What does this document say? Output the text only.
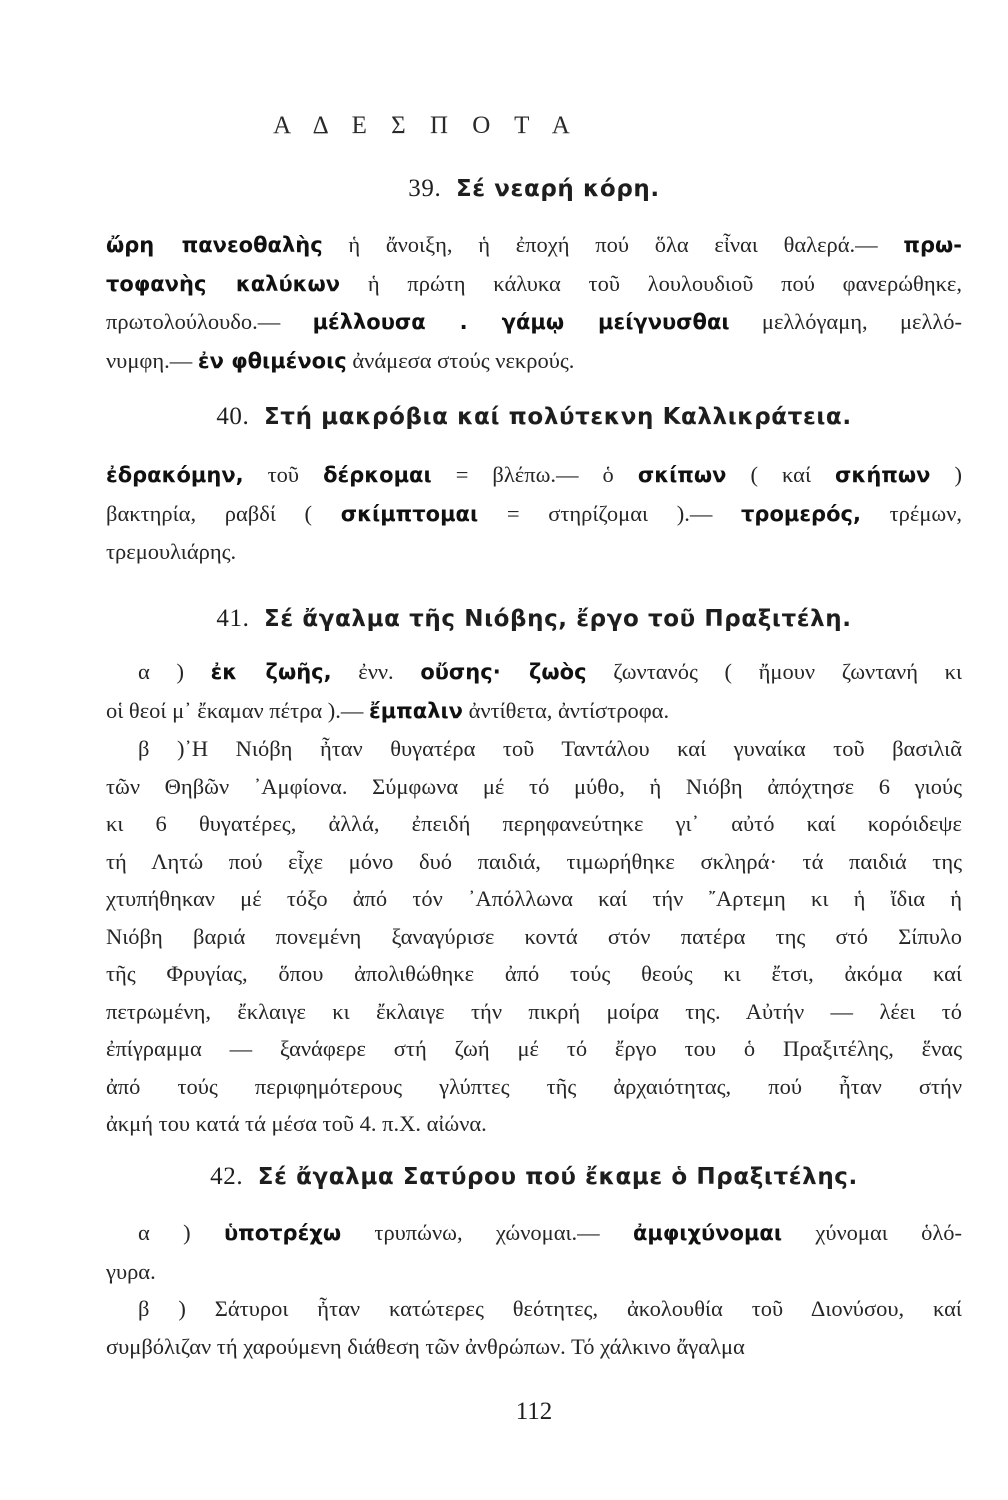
Α Δ Ε Σ Π Ο Τ Α
39. Σέ νεαρή κόρη.
ὤρη πανεοθαλὴς ἡ ἄνοιξη, ἡ ἐποχή πού ὅλα εἶναι θαλερά.— πρω-
τοφανὴς καλύκων ἡ πρώτη κάλυκα τοῦ λουλουδιοῦ πού φανερώθηκε,
πρωτολούλουδο.— μέλλουσα . γάμῳ μείγνυσθαι μελλόγαμη, μελλό-
νυμφη.— ἐν φθιμένοις ἀνάμεσα στούς νεκρούς.
40. Στή μακρόβια καί πολύτεκνη Καλλικράτεια.
ἐδρακόμην, τοῦ δέρκομαι = βλέπω.— ὁ σκίπων ( καί σκήπων )
βακτηρία, ραβδί ( σκίμπτομαι = στηρίζομαι ).— τρομερός, τρέμων,
τρεμουλιάρης.
41. Σέ ἄγαλμα τῆς Νιόβης, ἔργο τοῦ Πραξιτέλη.
α ) ἐκ ζωῆς, ἐνν. οὔσης· ζωὸς ζωντανός ( ἤμουν ζωντανή κι
οἱ θεοί μ᾿ ἔκαμαν πέτρα ).— ἔμπαλιν ἀντίθετα, ἀντίστροφα.
β )᾿Η Νιόβη ἦταν θυγατέρα τοῦ Ταντάλου καί γυναίκα τοῦ βασιλιᾶ
τῶν Θηβῶν ᾿Αμφίονα. Σύμφωνα μέ τό μύθο, ἡ Νιόβη ἀπόχτησε 6 γιούς
κι 6 θυγατέρες, ἀλλά, ἐπειδή περηφανεύτηκε γι᾿ αὐτό καί κορόιδεψε
τή Λητώ πού εἶχε μόνο δυό παιδιά, τιμωρήθηκε σκληρά· τά παιδιά της
χτυπήθηκαν μέ τόξο ἀπό τόν ᾿Απόλλωνα καί τήν ῎Αρτεμη κι ἡ ἴδια ἡ
Νιόβη βαριά πονεμένη ξαναγύρισε κοντά στόν πατέρα της στό Σίπυλο
τῆς Φρυγίας, ὅπου ἀπολιθώθηκε ἀπό τούς θεούς κι ἔτσι, ἀκόμα καί
πετρωμένη, ἔκλαιγε κι ἔκλαιγε τήν πικρή μοίρα της. Αὐτήν — λέει τό
ἐπίγραμμα — ξανάφερε στή ζωή μέ τό ἔργο του ὁ Πραξιτέλης, ἕνας
ἀπό τούς περιφημότερους γλύπτες τῆς ἀρχαιότητας, πού ἦταν στήν
ἀκμή του κατά τά μέσα τοῦ 4. π.Χ. αἰώνα.
42. Σέ ἄγαλμα Σατύρου πού ἔκαμε ὁ Πραξιτέλης.
α ) ὑποτρέχω τρυπώνω, χώνομαι.— ἀμφιχύνομαι χύνομαι ὁλό-
γυρα.
β ) Σάτυροι ἦταν κατώτερες θεότητες, ἀκολουθία τοῦ Διονύσου, καί
συμβόλιζαν τή χαρούμενη διάθεση τῶν ἀνθρώπων. Τό χάλκινο ἄγαλμα
112
